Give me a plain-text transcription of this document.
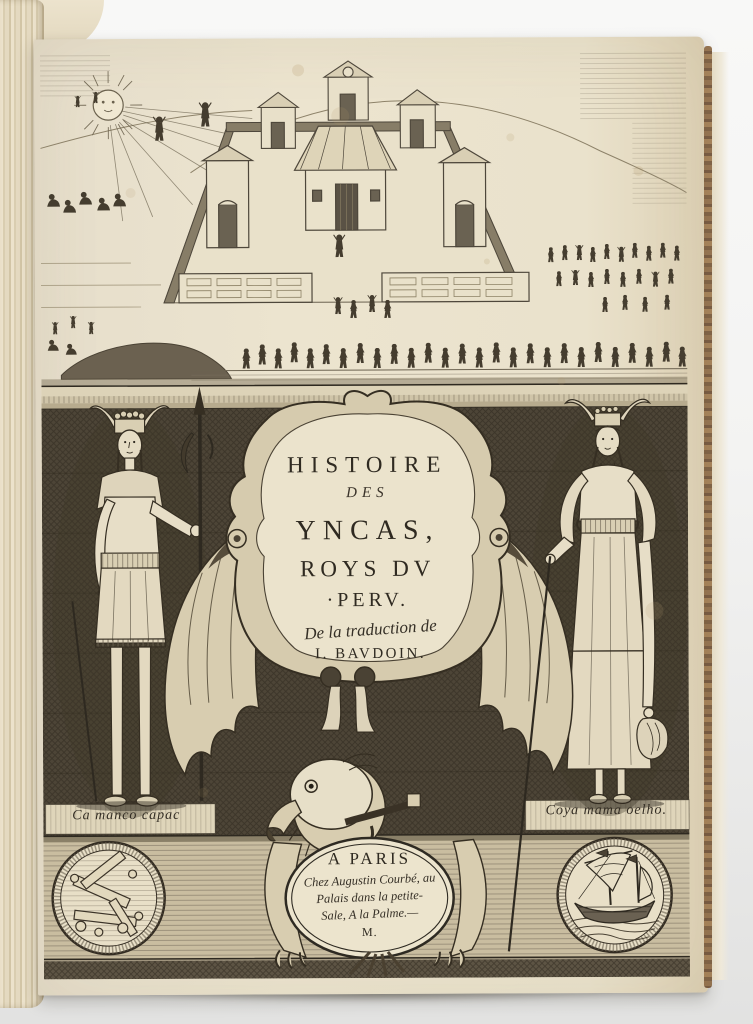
HISTOIRE
DES
YNCAS,
ROYS DV
·PERV.
De la traduction de
I. BAVDOIN.
A PARIS
Chez Augustin Courbé, au
Palais dans la petite-
Sale, A la Palme.—
M.
Ca manco capac	Coya mama oelho.
